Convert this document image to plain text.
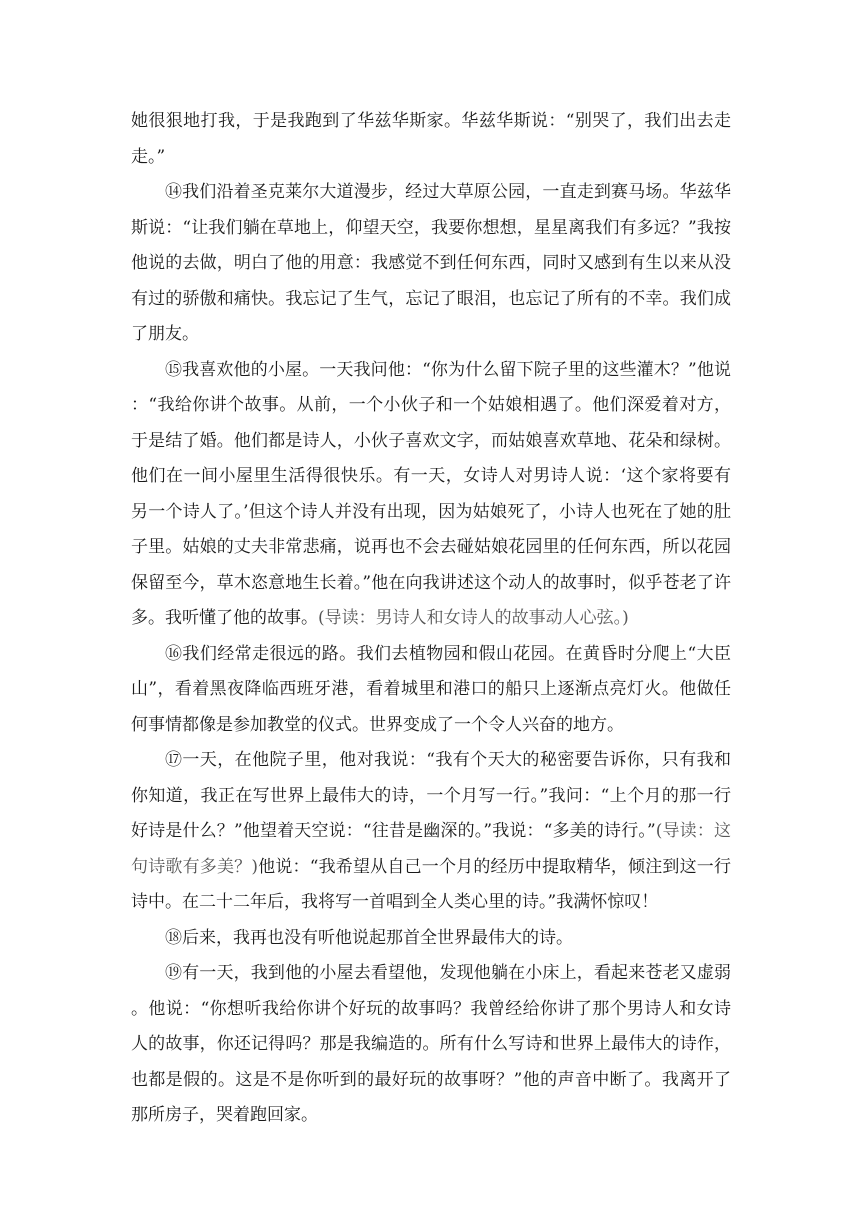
她很狠地打我，于是我跑到了华兹华斯家。华兹华斯说：“别哭了，我们出去走走。”

⑭我们沿着圣克莱尔大道漫步，经过大草原公园，一直走到赛马场。华兹华斯说：“让我们躺在草地上，仰望天空，我要你想想，星星离我们有多远？”我按他说的去做，明白了他的用意：我感觉不到任何东西，同时又感到有生以来从没有过的骄傲和痛快。我忘记了生气，忘记了眼泪，也忘记了所有的不幸。我们成了朋友。

⑮我喜欢他的小屋。一天我问他：“你为什么留下院子里的这些灌木？”他说：“我给你讲个故事。从前，一个小伙子和一个姑娘相遇了。他们深爱着对方，于是结了婚。他们都是诗人，小伙子喜欢文字，而姑娘喜欢草地、花朵和绿树。他们在一间小屋里生活得很快乐。有一天，女诗人对男诗人说：‘这个家将要有另一个诗人了。’但这个诗人并没有出现，因为姑娘死了，小诗人也死在了她的肚子里。姑娘的丈夫非常悲痛，说再也不会去碰姑娘花园里的任何东西，所以花园保留至今，草木恣意地生长着。”他在向我讲述这个动人的故事时，似乎苍老了许多。我听懂了他的故事。(导读：男诗人和女诗人的故事动人心弦。)

⑯我们经常走很远的路。我们去植物园和假山花园。在黄昏时分爬上“大臣山”，看着黑夜降临西班牙港，看着城里和港口的船只上逐渐点亮灯火。他做任何事情都像是参加教堂的仪式。世界变成了一个令人兴奋的地方。

⑰一天，在他院子里，他对我说：“我有个天大的秘密要告诉你，只有我和你知道，我正在写世界上最伟大的诗，一个月写一行。”我问：“上个月的那一行好诗是什么？”他望着天空说：“往昔是幽深的。”我说：“多美的诗行。”(导读：这句诗歌有多美？)他说：“我希望从自己一个月的经历中提取精华，倾注到这一行诗中。在二十二年后，我将写一首唱到全人类心里的诗。”我满怀惊叹！

⑱后来，我再也没有听他说起那首全世界最伟大的诗。

⑲有一天，我到他的小屋去看望他，发现他躺在小床上，看起来苍老又虚弱。他说：“你想听我给你讲个好玩的故事吗？我曾经给你讲了那个男诗人和女诗人的故事，你还记得吗？那是我编造的。所有什么写诗和世界上最伟大的诗作，也都是假的。这是不是你听到的最好玩的故事呀？”他的声音中断了。我离开了那所房子，哭着跑回家。
